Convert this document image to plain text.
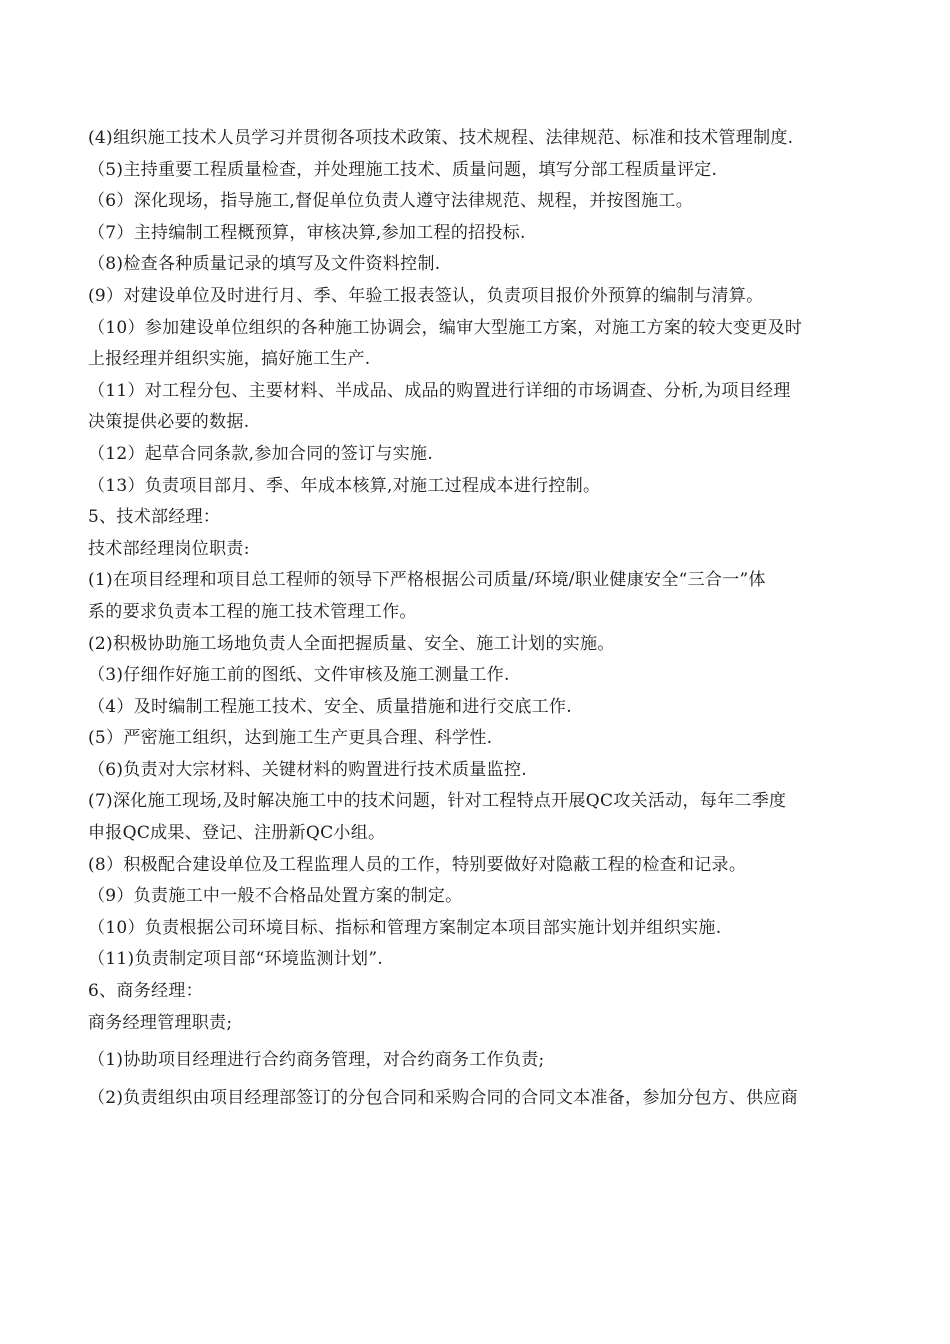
(4)组织施工技术人员学习并贯彻各项技术政策、技术规程、法律规范、标准和技术管理制度.
（5)主持重要工程质量检查，并处理施工技术、质量问题，填写分部工程质量评定.
（6）深化现场，指导施工,督促单位负责人遵守法律规范、规程，并按图施工。
（7）主持编制工程概预算，审核决算,参加工程的招投标.
（8)检查各种质量记录的填写及文件资料控制.
(9）对建设单位及时进行月、季、年验工报表签认，负责项目报价外预算的编制与清算。
（10）参加建设单位组织的各种施工协调会，编审大型施工方案，对施工方案的较大变更及时
上报经理并组织实施，搞好施工生产.
（11）对工程分包、主要材料、半成品、成品的购置进行详细的市场调查、分析,为项目经理
决策提供必要的数据.
（12）起草合同条款,参加合同的签订与实施.
（13）负责项目部月、季、年成本核算,对施工过程成本进行控制。
5、技术部经理：
技术部经理岗位职责:
(1)在项目经理和项目总工程师的领导下严格根据公司质量/环境/职业健康安全“三合一”体
系的要求负责本工程的施工技术管理工作。
(2)积极协助施工场地负责人全面把握质量、安全、施工计划的实施。
（3)仔细作好施工前的图纸、文件审核及施工测量工作.
（4）及时编制工程施工技术、安全、质量措施和进行交底工作.
(5）严密施工组织，达到施工生产更具合理、科学性.
（6)负责对大宗材料、关键材料的购置进行技术质量监控.
(7)深化施工现场,及时解决施工中的技术问题，针对工程特点开展QC攻关活动，每年二季度
申报QC成果、登记、注册新QC小组。
(8）积极配合建设单位及工程监理人员的工作，特别要做好对隐蔽工程的检查和记录。
（9）负责施工中一般不合格品处置方案的制定。
（10）负责根据公司环境目标、指标和管理方案制定本项目部实施计划并组织实施.
（11)负责制定项目部“环境监测计划”.
6、商务经理：
商务经理管理职责;
（1)协助项目经理进行合约商务管理，对合约商务工作负责;
（2)负责组织由项目经理部签订的分包合同和采购合同的合同文本准备，参加分包方、供应商
